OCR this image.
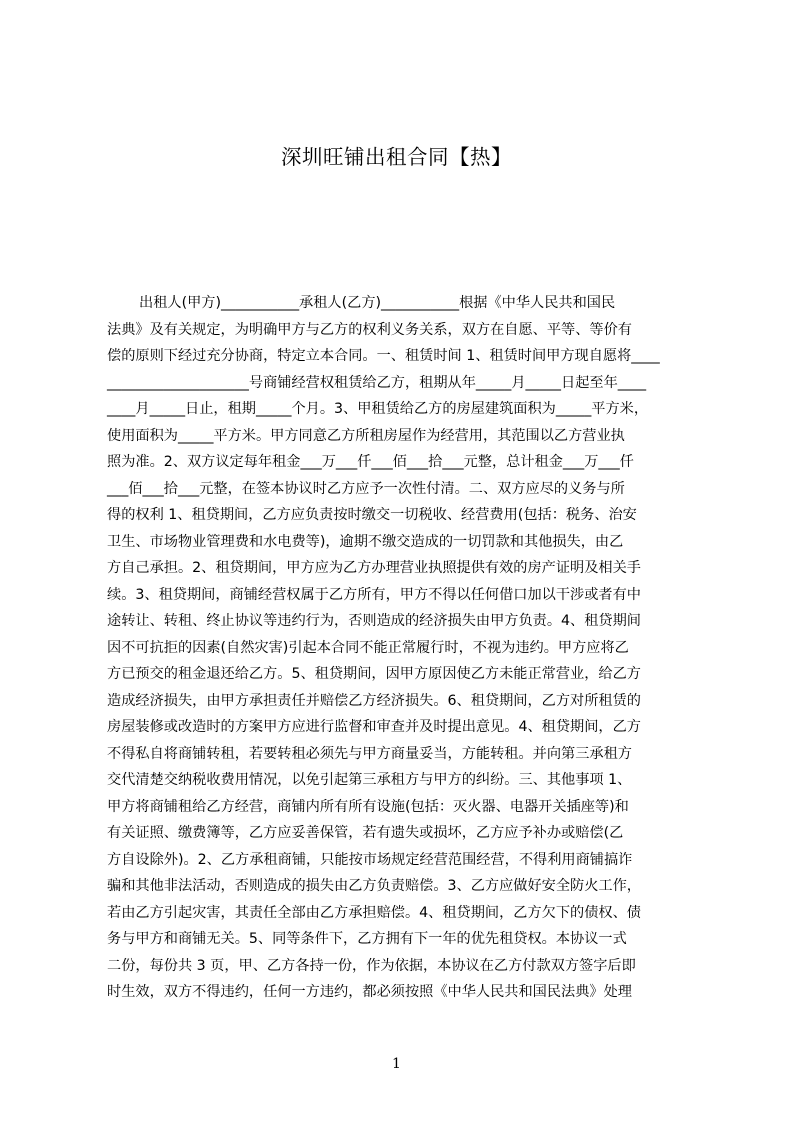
深圳旺铺出租合同【热】
出租人(甲方)___________承租人(乙方)___________根据《中华人民共和国民
法典》及有关规定，为明确甲方与乙方的权利义务关系，双方在自愿、平等、等价有
偿的原则下经过充分协商，特定立本合同。一、租赁时间 1、租赁时间甲方现自愿将____
____________________号商铺经营权租赁给乙方，租期从年_____月_____日起至年____
____月_____日止，租期_____个月。3、甲租赁给乙方的房屋建筑面积为_____平方米，
使用面积为_____平方米。甲方同意乙方所租房屋作为经营用，其范围以乙方营业执
照为准。2、双方议定每年租金___万___仟___佰___拾___元整，总计租金___万___仟
___佰___拾___元整，在签本协议时乙方应予一次性付清。二、双方应尽的义务与所
得的权利 1、租贷期间，乙方应负责按时缴交一切税收、经营费用(包括：税务、治安
卫生、市场物业管理费和水电费等)，逾期不缴交造成的一切罚款和其他损失，由乙
方自己承担。2、租贷期间，甲方应为乙方办理营业执照提供有效的房产证明及相关手
续。3、租贷期间，商铺经营权属于乙方所有，甲方不得以任何借口加以干涉或者有中
途转让、转租、终止协议等违约行为，否则造成的经济损失由甲方负责。4、租贷期间
因不可抗拒的因素(自然灾害)引起本合同不能正常履行时，不视为违约。甲方应将乙
方已预交的租金退还给乙方。5、租贷期间，因甲方原因使乙方未能正常营业，给乙方
造成经济损失，由甲方承担责任并赔偿乙方经济损失。6、租贷期间，乙方对所租赁的
房屋装修或改造时的方案甲方应进行监督和审查并及时提出意见。4、租贷期间，乙方
不得私自将商铺转租，若要转租必须先与甲方商量妥当，方能转租。并向第三承租方
交代清楚交纳税收费用情况，以免引起第三承租方与甲方的纠纷。三、其他事项 1、
甲方将商铺租给乙方经营，商铺内所有所有设施(包括：灭火器、电器开关插座等)和
有关证照、缴费簿等，乙方应妥善保管，若有遗失或损坏，乙方应予补办或赔偿(乙
方自设除外)。2、乙方承租商铺，只能按市场规定经营范围经营，不得利用商铺搞诈
骗和其他非法活动，否则造成的损失由乙方负责赔偿。3、乙方应做好安全防火工作，
若由乙方引起灾害，其责任全部由乙方承担赔偿。4、租贷期间，乙方欠下的债权、债
务与甲方和商铺无关。5、同等条件下，乙方拥有下一年的优先租贷权。本协议一式
二份，每份共 3 页，甲、乙方各持一份，作为依据，本协议在乙方付款双方签字后即
时生效，双方不得违约，任何一方违约，都必须按照《中华人民共和国民法典》处理
1
